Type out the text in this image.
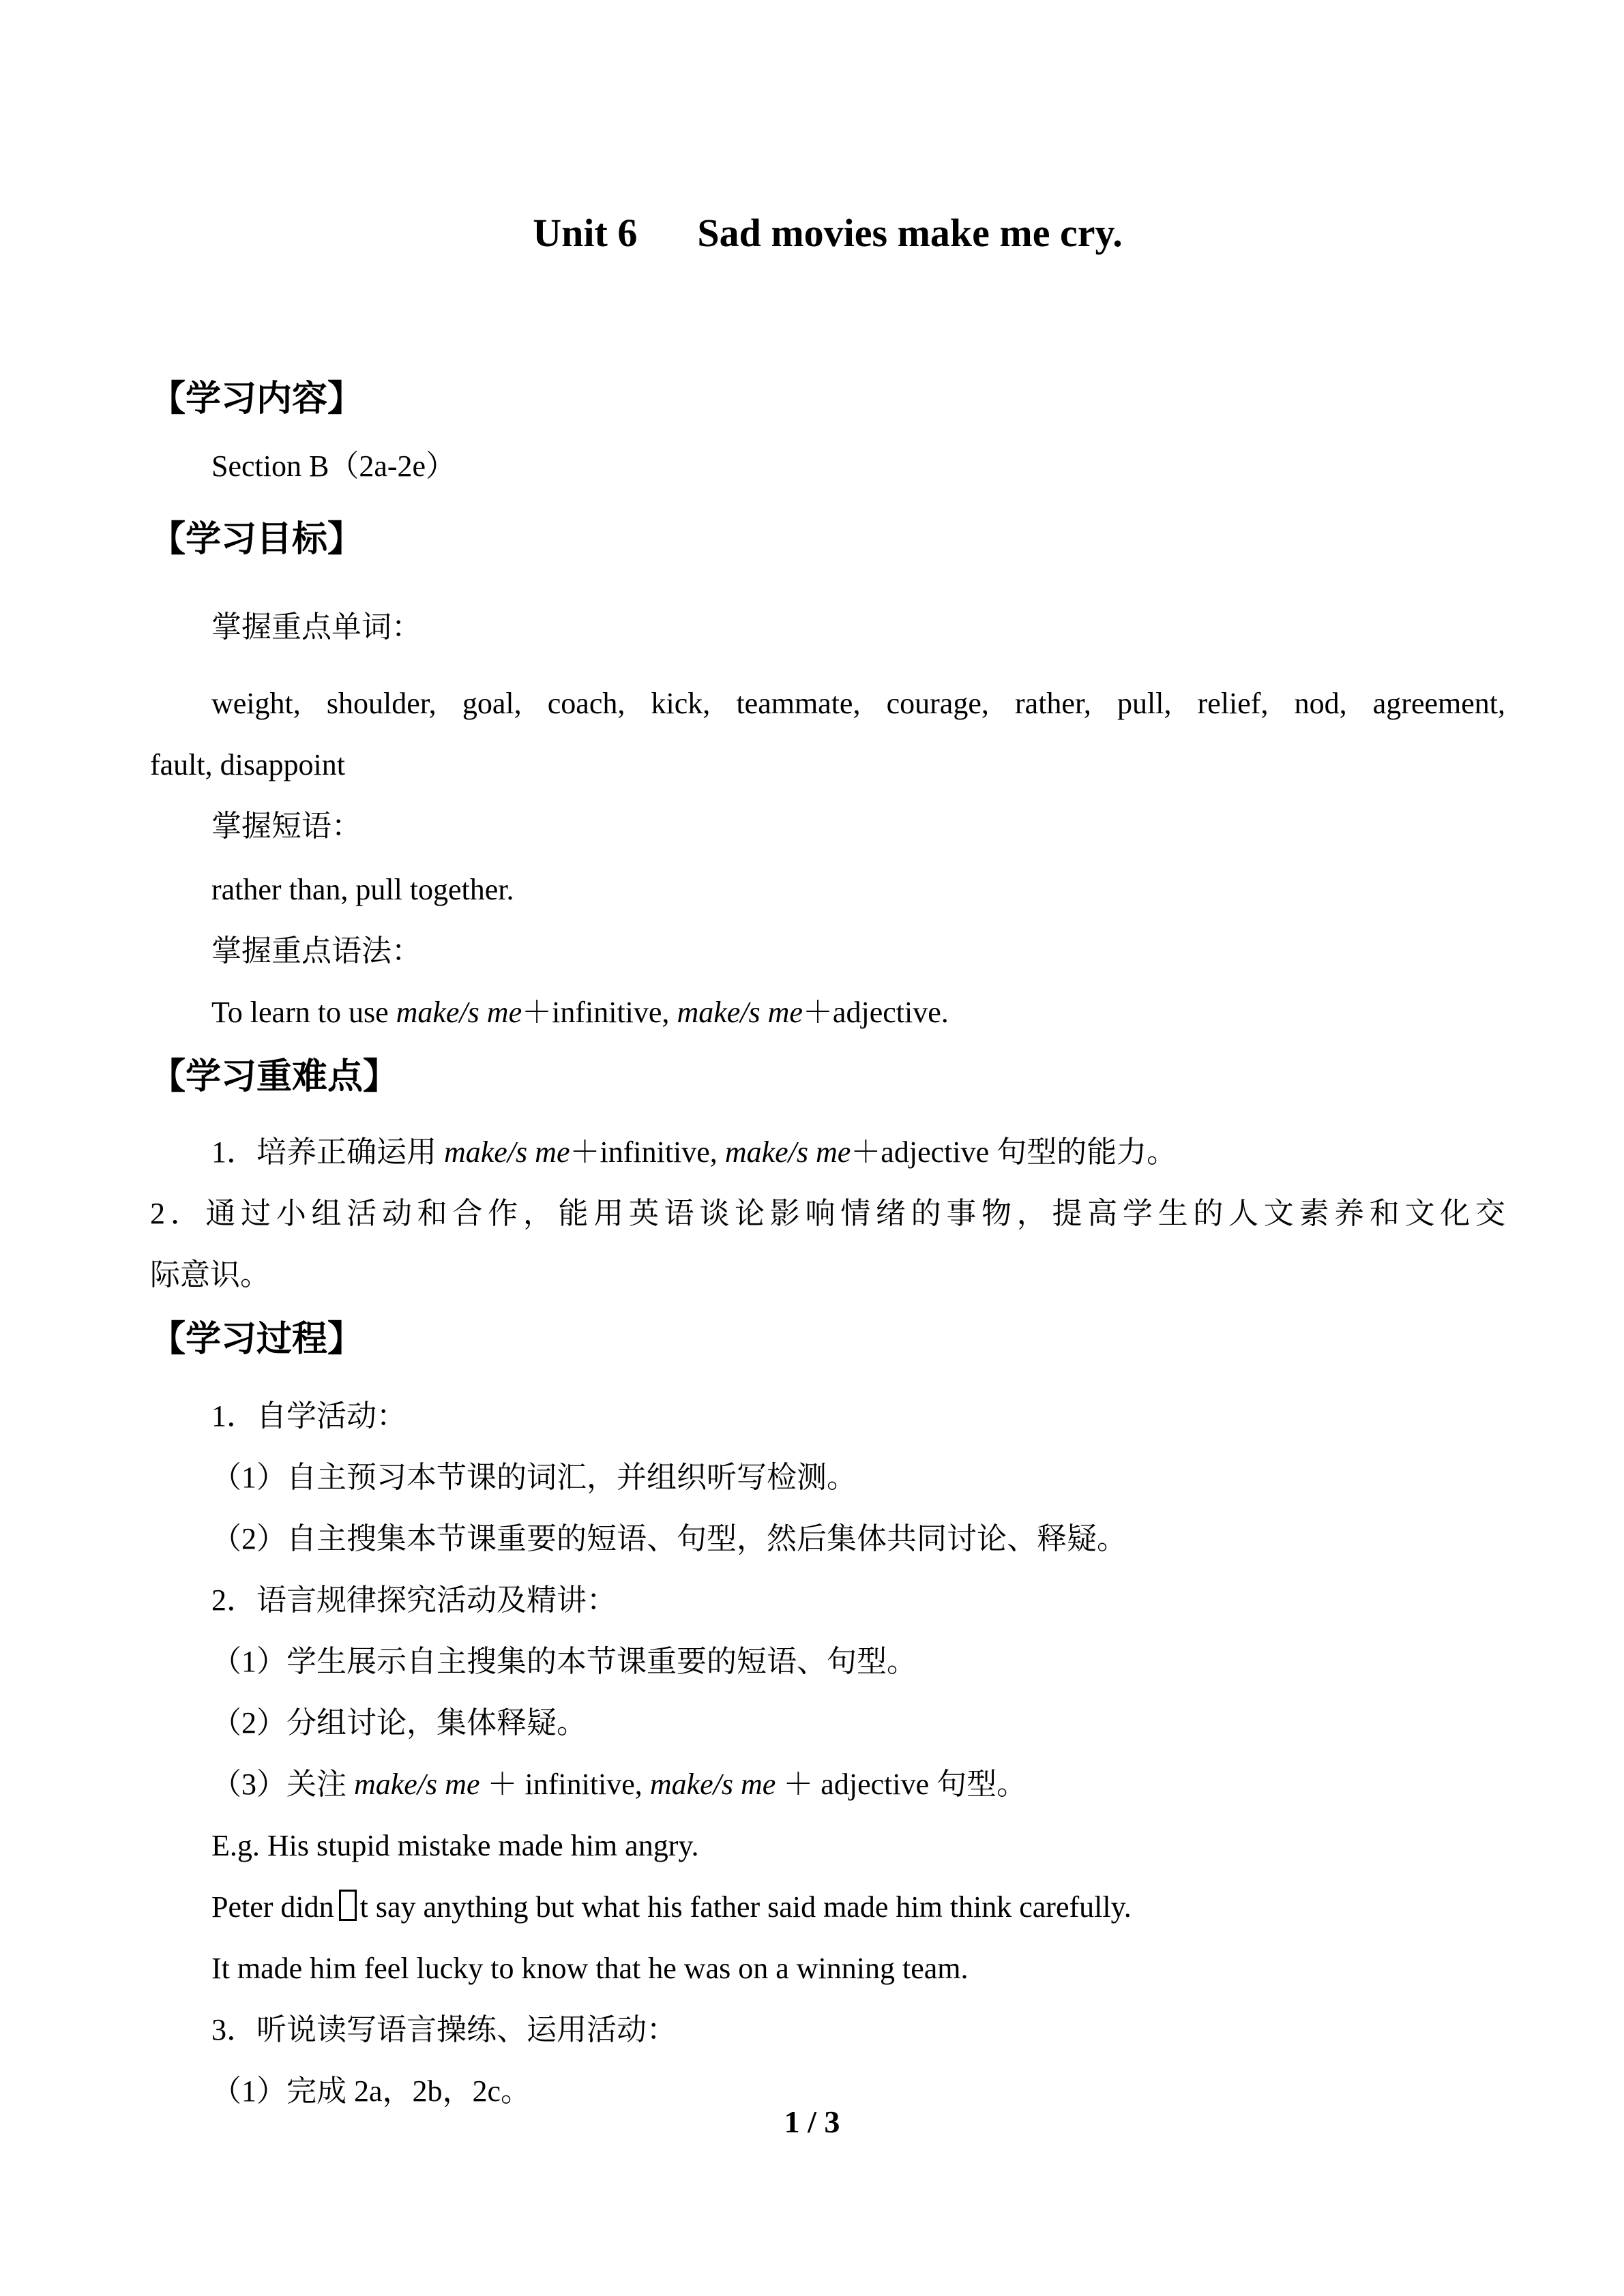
Unit 6 Sad movies make me cry.
【学习内容】
Section B（2a-2e）
【学习目标】
掌握重点单词：
weight, shoulder, goal, coach, kick, teammate, courage, rather, pull, relief, nod, agreement,
fault, disappoint
掌握短语：
rather than, pull together.
掌握重点语法：
To learn to use make/s me＋infinitive, make/s me＋adjective.
【学习重难点】
1．培养正确运用 make/s me＋infinitive, make/s me＋adjective 句型的能力。
2．通过小组活动和合作，能用英语谈论影响情绪的事物，提高学生的人文素养和文化交
际意识。
【学习过程】
1．自学活动：
（1）自主预习本节课的词汇，并组织听写检测。
（2）自主搜集本节课重要的短语、句型，然后集体共同讨论、释疑。
2．语言规律探究活动及精讲：
（1）学生展示自主搜集的本节课重要的短语、句型。
（2）分组讨论，集体释疑。
（3）关注 make/s me ＋ infinitive, make/s me ＋ adjective 句型。
E.g. His stupid mistake made him angry.
Peter didn t say anything but what his father said made him think carefully.
It made him feel lucky to know that he was on a winning team.
3．听说读写语言操练、运用活动：
（1）完成 2a，2b，2c。
1 / 3
